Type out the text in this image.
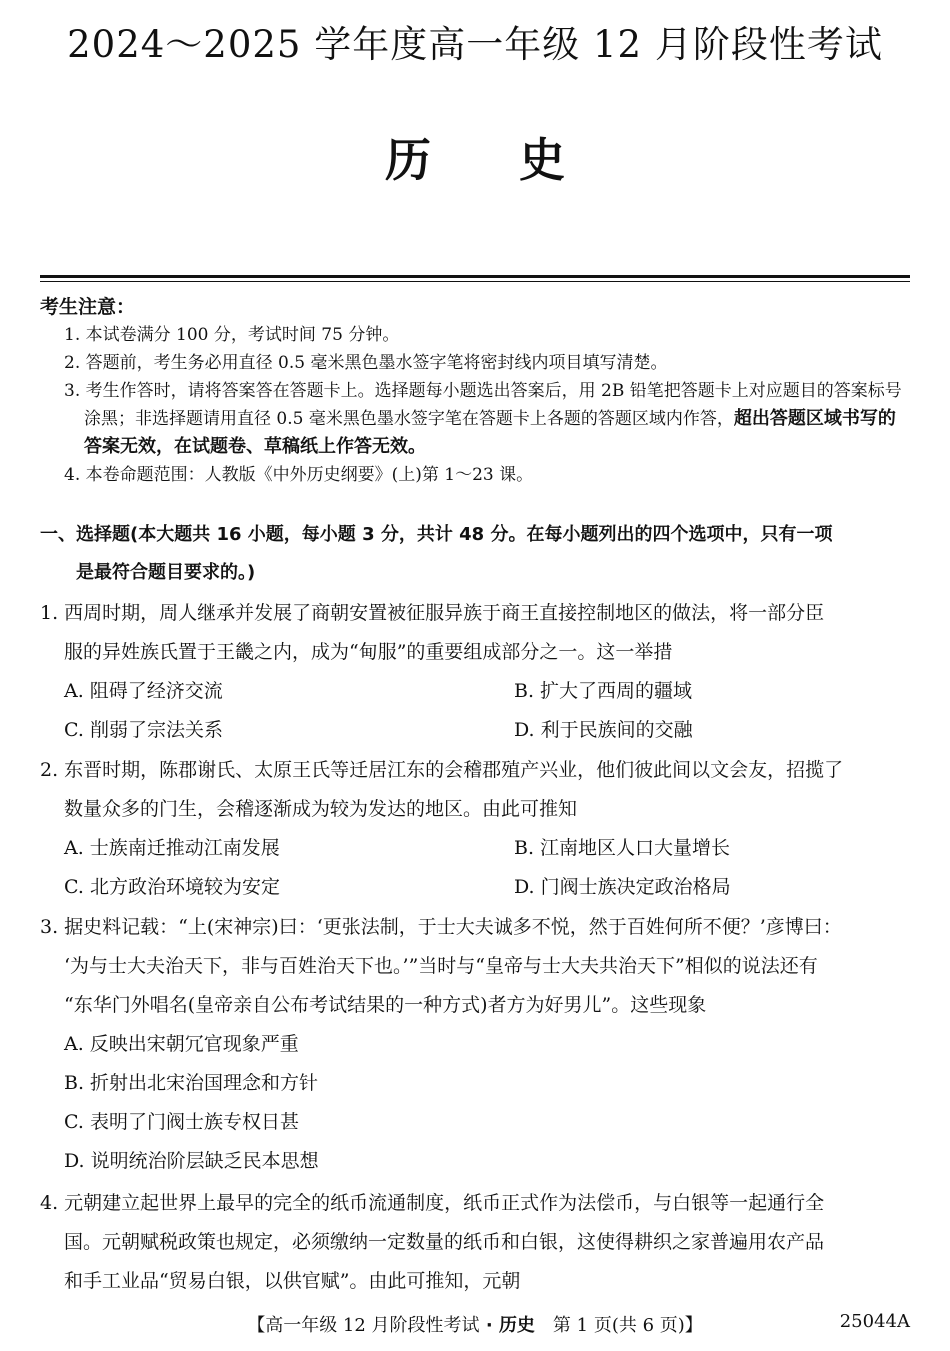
2024～2025 学年度高一年级 12 月阶段性考试
历 史
考生注意：
1. 本试卷满分 100 分，考试时间 75 分钟。
2. 答题前，考生务必用直径 0.5 毫米黑色墨水签字笔将密封线内项目填写清楚。
3. 考生作答时，请将答案答在答题卡上。选择题每小题选出答案后，用 2B 铅笔把答题卡上对应题目的答案标号涂黑；非选择题请用直径 0.5 毫米黑色墨水签字笔在答题卡上各题的答题区域内作答，超出答题区域书写的答案无效，在试题卷、草稿纸上作答无效。
4. 本卷命题范围：人教版《中外历史纲要》(上)第 1～23 课。
一、选择题(本大题共 16 小题，每小题 3 分，共计 48 分。在每小题列出的四个选项中，只有一项
是最符合题目要求的。)
1. 西周时期，周人继承并发展了商朝安置被征服异族于商王直接控制地区的做法，将一部分臣
服的异姓族氏置于王畿之内，成为“甸服”的重要组成部分之一。这一举措
A. 阻碍了经济交流	B. 扩大了西周的疆域
C. 削弱了宗法关系	D. 利于民族间的交融
2. 东晋时期，陈郡谢氏、太原王氏等迁居江东的会稽郡殖产兴业，他们彼此间以文会友，招揽了
数量众多的门生，会稽逐渐成为较为发达的地区。由此可推知
A. 士族南迁推动江南发展	B. 江南地区人口大量增长
C. 北方政治环境较为安定	D. 门阀士族决定政治格局
3. 据史料记载：“上(宋神宗)曰：‘更张法制，于士大夫诚多不悦，然于百姓何所不便？’彦博曰：
‘为与士大夫治天下，非与百姓治天下也。’”当时与“皇帝与士大夫共治天下”相似的说法还有
“东华门外唱名(皇帝亲自公布考试结果的一种方式)者方为好男儿”。这些现象
A. 反映出宋朝冗官现象严重
B. 折射出北宋治国理念和方针
C. 表明了门阀士族专权日甚
D. 说明统治阶层缺乏民本思想
4. 元朝建立起世界上最早的完全的纸币流通制度，纸币正式作为法偿币，与白银等一起通行全
国。元朝赋税政策也规定，必须缴纳一定数量的纸币和白银，这使得耕织之家普遍用农产品
和手工业品“贸易白银，以供官赋”。由此可推知，元朝
【高一年级 12 月阶段性考试 · 历史　第 1 页(共 6 页)】	25044A
